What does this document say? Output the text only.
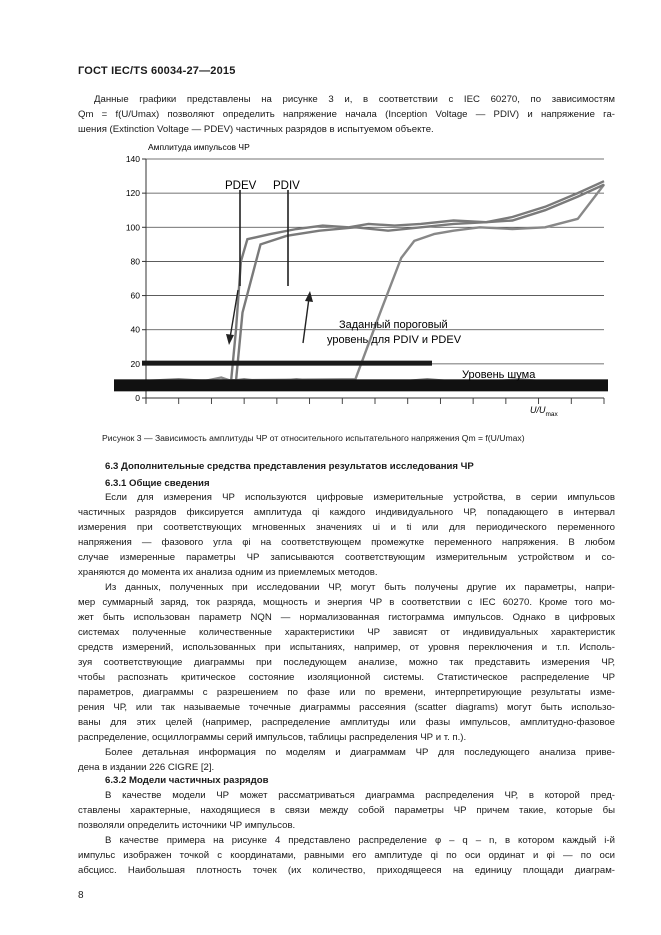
ГОСТ IEC/TS 60034-27—2015
Данные графики представлены на рисунке 3 и, в соответствии с IEC 60270, по зависимостям
Qm = f(U/Umax) позволяют определить напряжение начала (Inception Voltage — PDIV) и напряжение га-
шения (Extinction Voltage — PDEV) частичных разрядов в испытуемом объекте.
Амплитуда импульсов ЧР
0
20
40
60
80
100
120
140
PDEV PDIV
Заданный пороговый
уровень для PDIV и PDEV
Уровень шума
$U/U_{max}$
Рисунок 3 — Зависимость амплитуды ЧР от относительного испытательного напряжения Qm = f(U/Umax)
6.3 Дополнительные средства представления результатов исследования ЧР
6.3.1 Общие сведения
Если для измерения ЧР используются цифровые измерительные устройства, в серии импульсов
частичных разрядов фиксируется амплитуда qi каждого индивидуального ЧР, попадающего в интервал
измерения при соответствующих мгновенных значениях ui и ti или для периодического переменного
напряжения — фазового угла φi на соответствующем промежутке переменного напряжения. В любом
случае измеренные параметры ЧР записываются соответствующим измерительным устройством и со-
храняются до момента их анализа одним из приемлемых методов.
Из данных, полученных при исследовании ЧР, могут быть получены другие их параметры, напри-
мер суммарный заряд, ток разряда, мощность и энергия ЧР в соответствии с IEC 60270. Кроме того мо-
жет быть использован параметр NQN — нормализованная гистограмма импульсов. Однако в цифровых
системах полученные количественные характеристики ЧР зависят от индивидуальных характеристик
средств измерений, использованных при испытаниях, например, от уровня переключения и т.п. Исполь-
зуя соответствующие диаграммы при последующем анализе, можно так представить измерения ЧР,
чтобы распознать критическое состояние изоляционной системы. Статистическое распределение ЧР
параметров, диаграммы с разрешением по фазе или по времени, интерпретирующие результаты изме-
рения ЧР, или так называемые точечные диаграммы рассеяния (scatter diagrams) могут быть использо-
ваны для этих целей (например, распределение амплитуды или фазы импульсов, амплитудно-фазовое
распределение, осциллограммы серий импульсов, таблицы распределения ЧР и т. п.).
Более детальная информация по моделям и диаграммам ЧР для последующего анализа приве-
дена в издании 226 CIGRE [2].
6.3.2 Модели частичных разрядов
В качестве модели ЧР может рассматриваться диаграмма распределения ЧР, в которой пред-
ставлены характерные, находящиеся в связи между собой параметры ЧР причем такие, которые бы
позволяли определить источники ЧР импульсов.
В качестве примера на рисунке 4 представлено распределение φ – q – n, в котором каждый i-й
импульс изображен точкой с координатами, равными его амплитуде qi по оси ординат и φi — по оси
абсцисс. Наибольшая плотность точек (их количество, приходящееся на единицу площади диаграм-
8
